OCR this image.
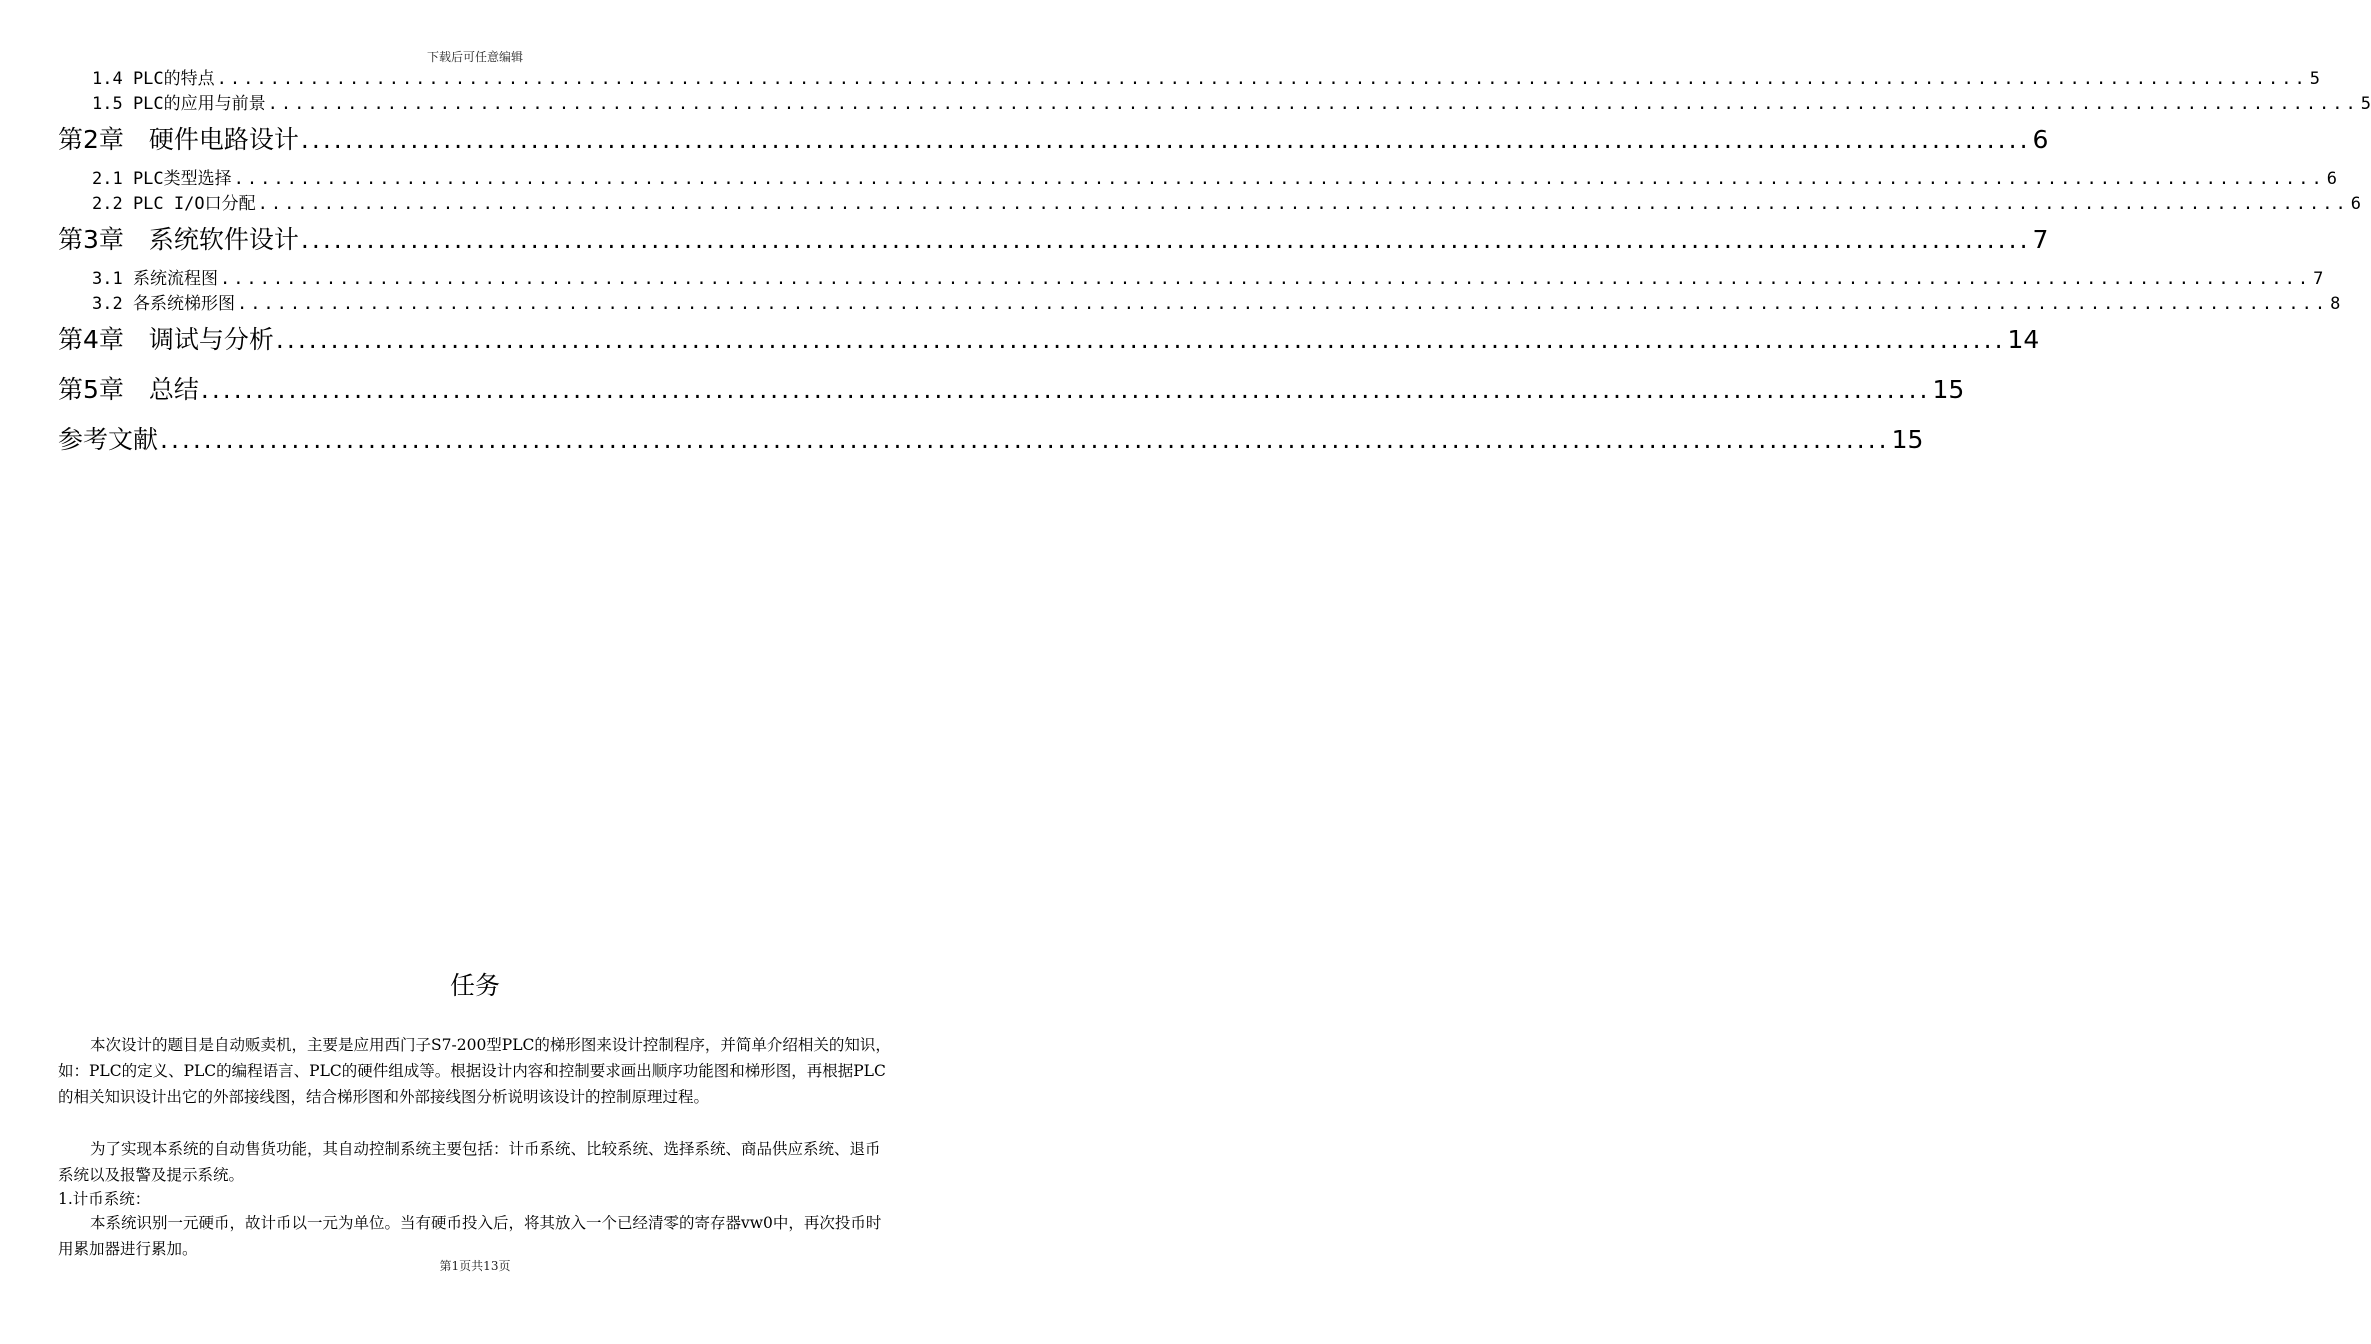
下载后可任意编辑
1.4 PLC的特点 .............................................................................................................................................................. 5
1.5 PLC的应用与前景 .............................................................................................................................................................. 5
第2章　硬件电路设计 .............................................................................................................................................................. 6
2.1 PLC类型选择 .............................................................................................................................................................. 6
2.2 PLC I/O口分配 .............................................................................................................................................................. 6
第3章　系统软件设计 .............................................................................................................................................................. 7
3.1 系统流程图 .............................................................................................................................................................. 7
3.2 各系统梯形图 .............................................................................................................................................................. 8
第4章　调试与分析 .............................................................................................................................................................. 14
第5章　总结 .............................................................................................................................................................. 15
参考文献 .............................................................................................................................................................. 15
任务
本次设计的题目是自动贩卖机，主要是应用西门子S7-200型PLC的梯形图来设计控制程序，并简单介绍相关的知识，如：PLC的定义、PLC的编程语言、PLC的硬件组成等。根据设计内容和控制要求画出顺序功能图和梯形图，再根据PLC的相关知识设计出它的外部接线图，结合梯形图和外部接线图分析说明该设计的控制原理过程。
为了实现本系统的自动售货功能，其自动控制系统主要包括：计币系统、比较系统、选择系统、商品供应系统、退币系统以及报警及提示系统。
1.计币系统：
本系统识别一元硬币，故计币以一元为单位。当有硬币投入后，将其放入一个已经清零的寄存器vw0中，再次投币时用累加器进行累加。
第1页共13页
